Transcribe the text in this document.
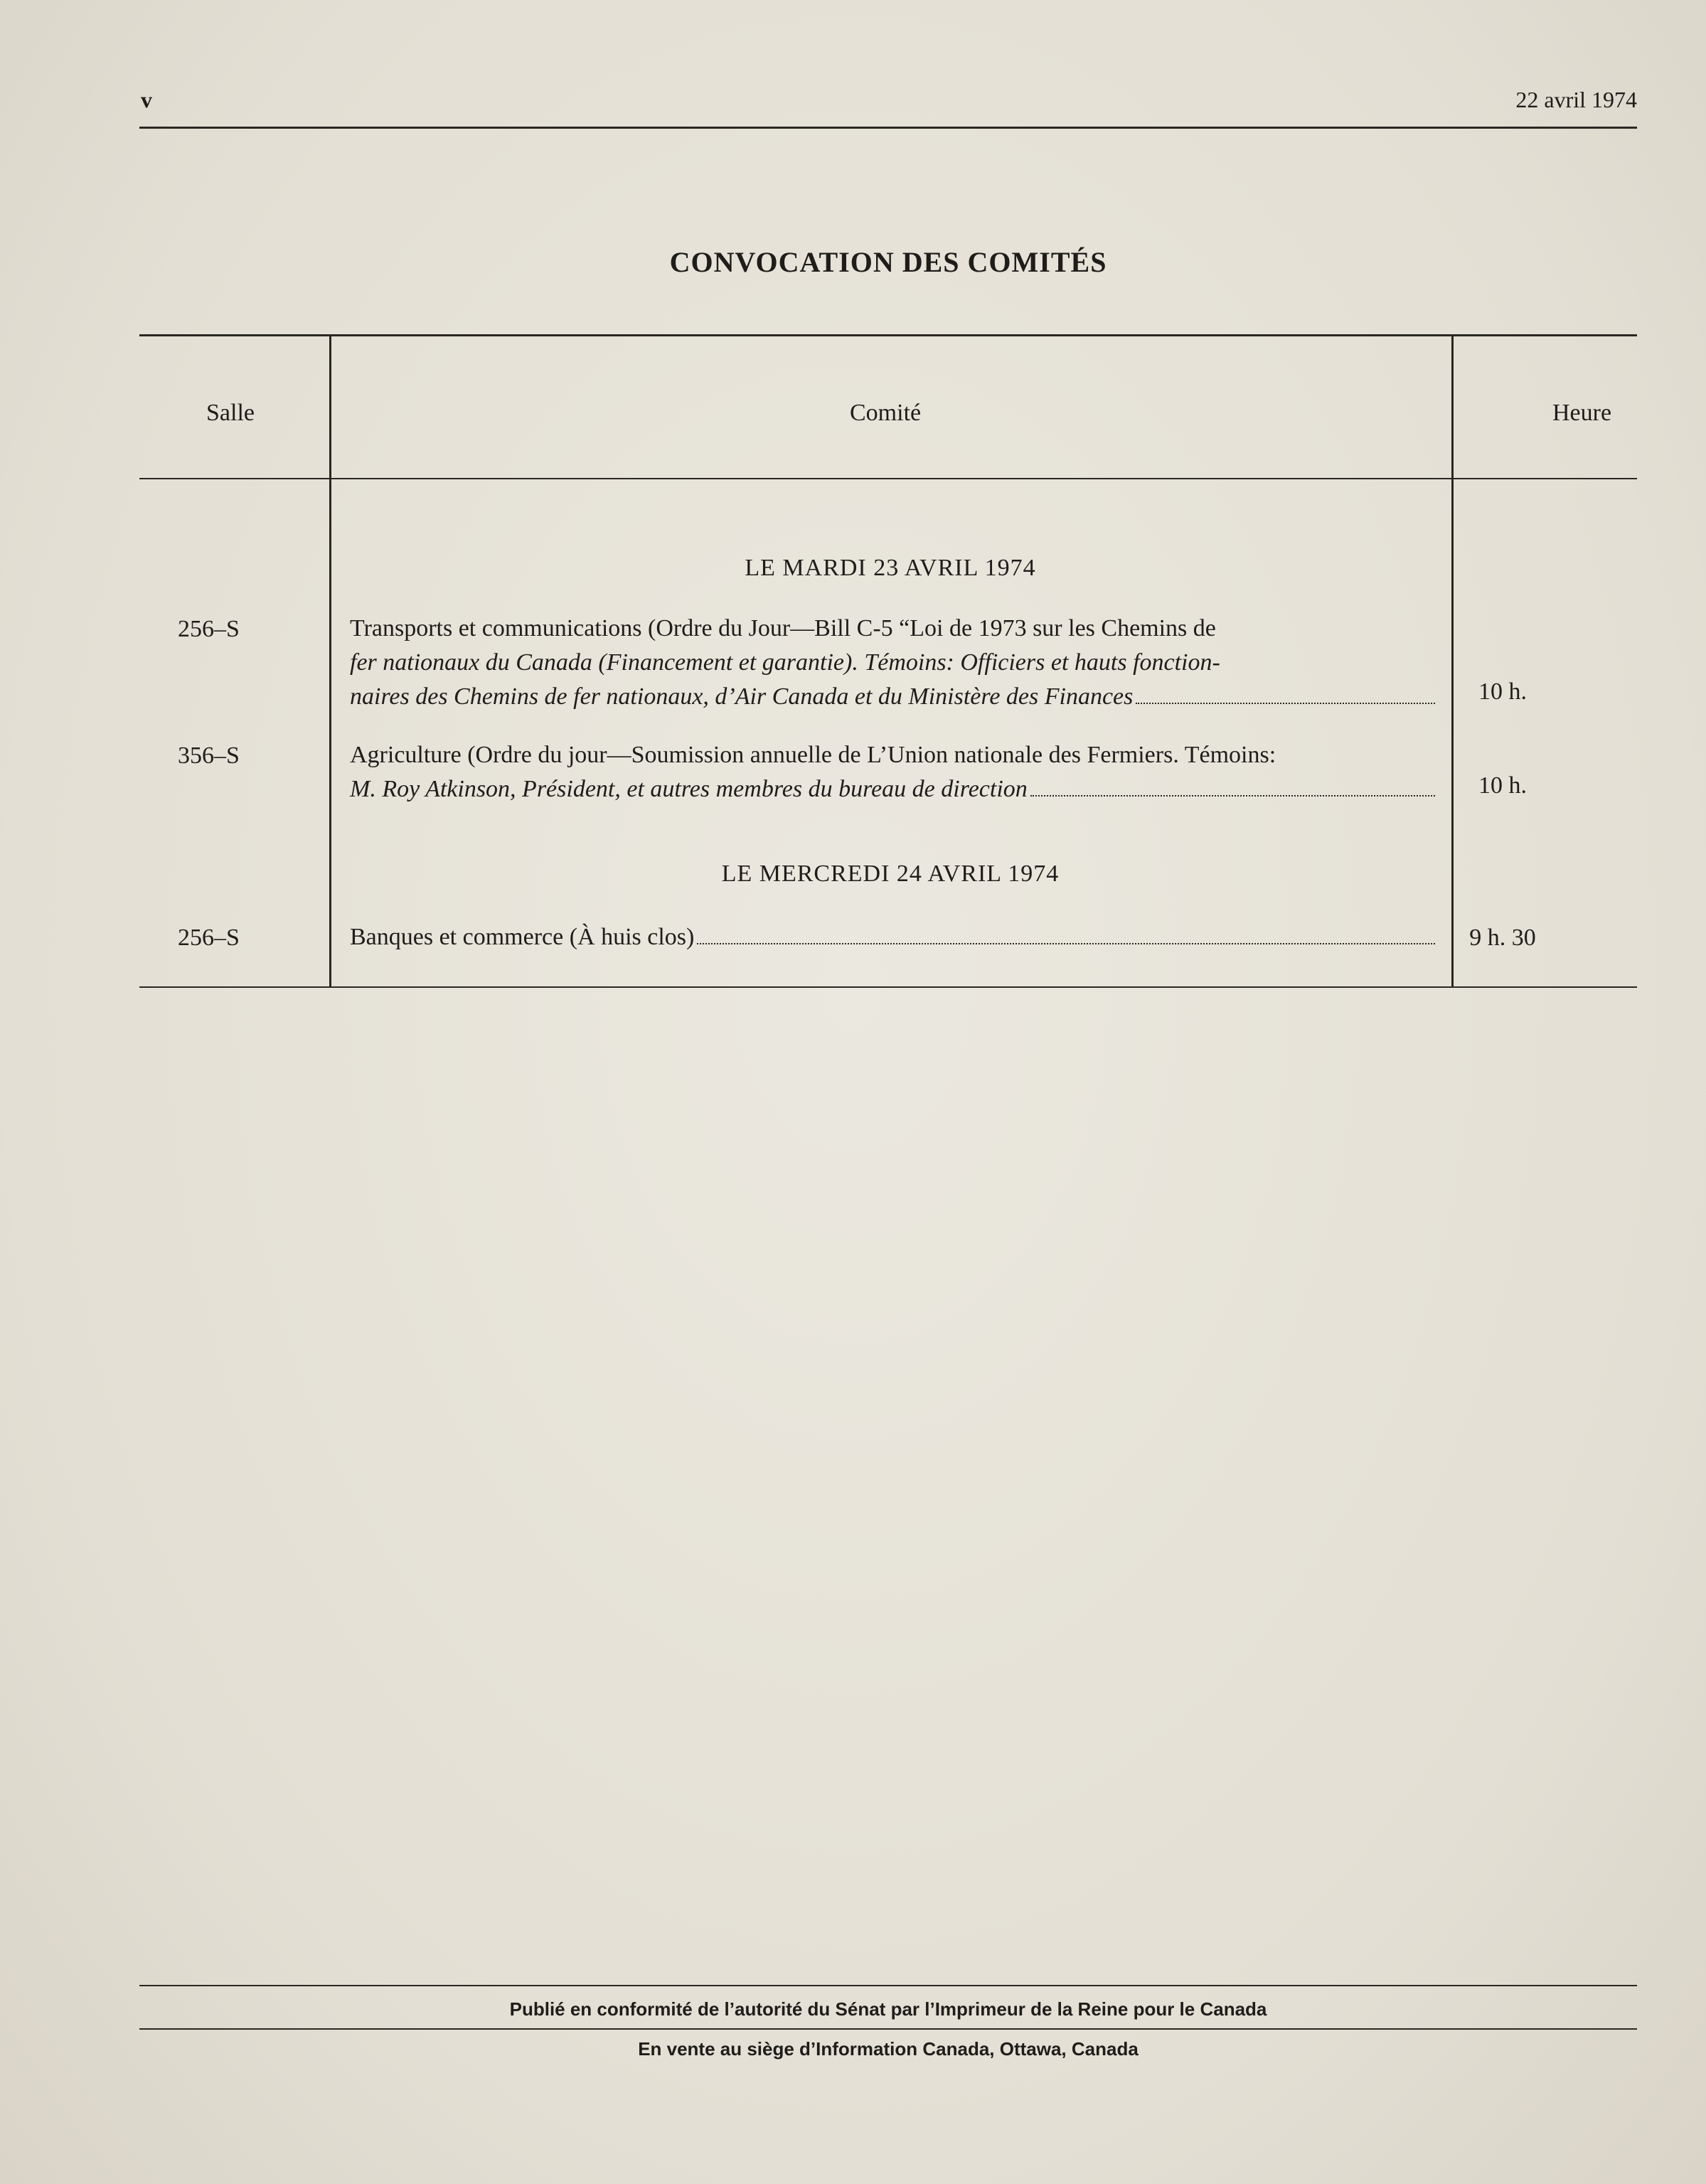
v	22 avril 1974
CONVOCATION DES COMITÉS
Salle	Comité	Heure
LE MARDI 23 AVRIL 1974
256–S	Transports et communications (Ordre du Jour—Bill C-5 “Loi de 1973 sur les Chemins de
fer nationaux du Canada (Financement et garantie). Témoins: Officiers et hauts fonction-
naires des Chemins de fer nationaux, d’Air Canada et du Ministère des Finances	10 h.
356–S	Agriculture (Ordre du jour—Soumission annuelle de L’Union nationale des Fermiers. Témoins:
M. Roy Atkinson, Président, et autres membres du bureau de direction	10 h.
LE MERCREDI 24 AVRIL 1974
256–S	Banques et commerce (À huis clos)	9 h. 30
Publié en conformité de l’autorité du Sénat par l’Imprimeur de la Reine pour le Canada
En vente au siège d’Information Canada, Ottawa, Canada
